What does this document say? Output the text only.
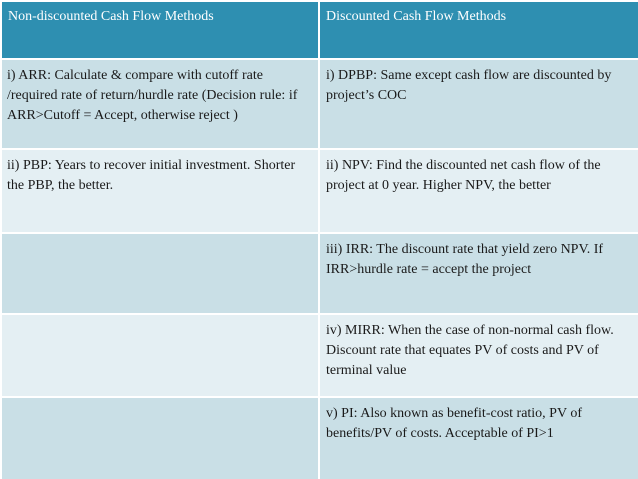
Non-discounted Cash Flow Methods	Discounted Cash Flow Methods
i) ARR: Calculate & compare with cutoff rate /required rate of return/hurdle rate (Decision rule: if ARR>Cutoff = Accept, otherwise reject )	i) DPBP: Same except cash flow are discounted by project’s COC
ii) PBP: Years to recover initial investment. Shorter the PBP, the better.	ii) NPV: Find the discounted net cash flow of the project at 0 year. Higher NPV, the better
	iii) IRR: The discount rate that yield zero NPV. If IRR>hurdle rate = accept the project
	iv) MIRR: When the case of non-normal cash flow. Discount rate that equates PV of costs and PV of terminal value
	v) PI: Also known as benefit-cost ratio, PV of benefits/PV of costs. Acceptable of PI>1
